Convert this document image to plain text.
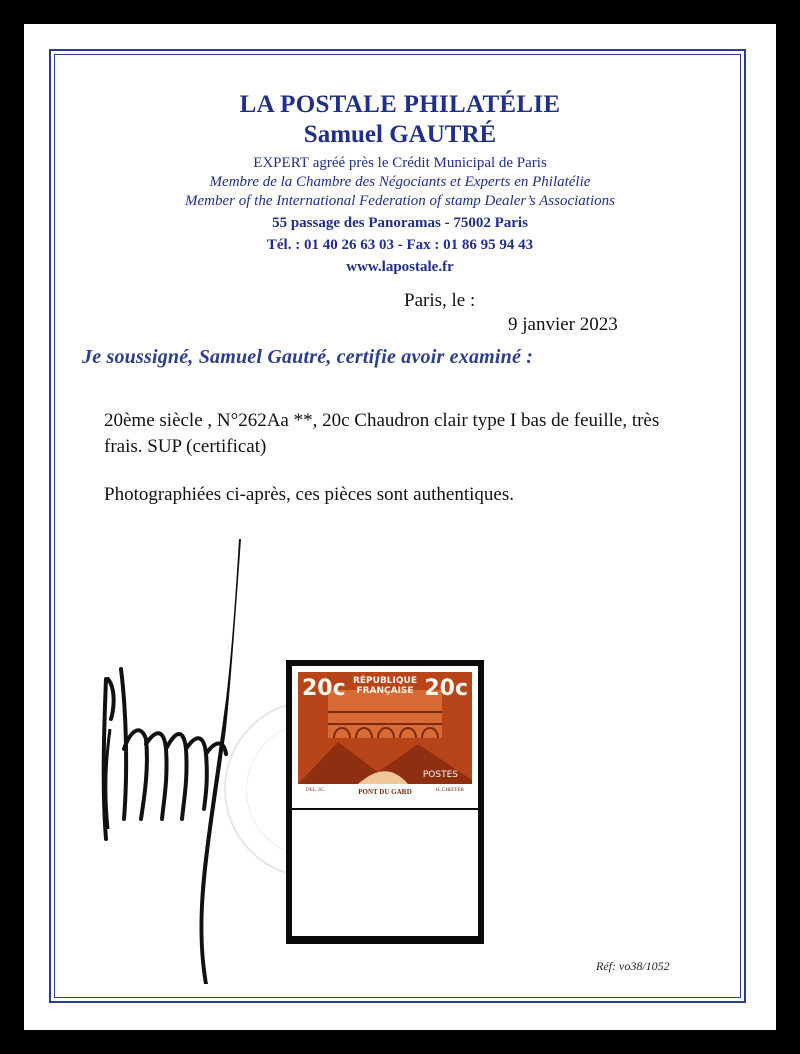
LA POSTALE PHILATÉLIE
Samuel GAUTRÉ
EXPERT agréé près le Crédit Municipal de Paris
Membre de la Chambre des Négociants et Experts en Philatélie
Member of the International Federation of stamp Dealer’s Associations
55 passage des Panoramas - 75002 Paris
Tél. : 01 40 26 63 03 - Fax : 01 86 95 94 43
www.lapostale.fr
Paris, le :
9 janvier 2023
Je soussigné, Samuel Gautré, certifie avoir examiné :
20ème siècle , N°262Aa **, 20c Chaudron clair type I bas de feuille, très frais. SUP (certificat)
Photographiées ci-après, ces pièces sont authentiques.
20c RÉPUBLIQUE FRANÇAISE 20c
POSTES
DEL. SC.	PONT DU GARD	H. CHEFFER
Réf: vo38/1052
